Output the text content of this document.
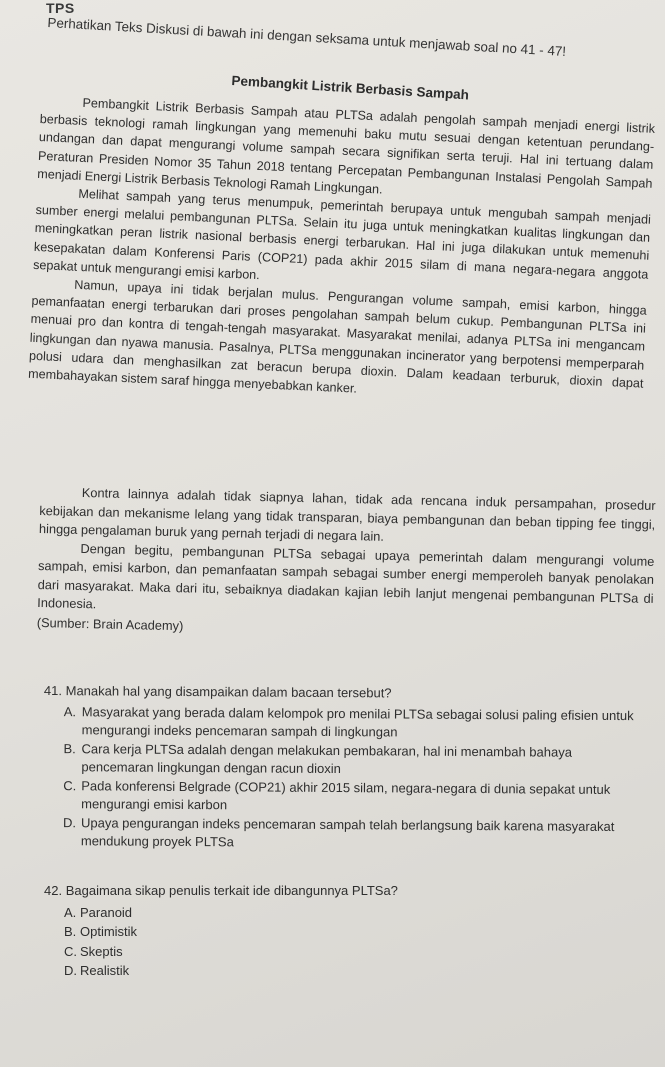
TPS
Perhatikan Teks Diskusi di bawah ini dengan seksama untuk menjawab soal no 41 - 47!
Pembangkit Listrik Berbasis Sampah

Pembangkit Listrik Berbasis Sampah atau PLTSa adalah pengolah sampah menjadi energi listrik berbasis teknologi ramah lingkungan yang memenuhi baku mutu sesuai dengan ketentuan perundang-undangan dan dapat mengurangi volume sampah secara signifikan serta teruji. Hal ini tertuang dalam Peraturan Presiden Nomor 35 Tahun 2018 tentang Percepatan Pembangunan Instalasi Pengolah Sampah menjadi Energi Listrik Berbasis Teknologi Ramah Lingkungan.

Melihat sampah yang terus menumpuk, pemerintah berupaya untuk mengubah sampah menjadi sumber energi melalui pembangunan PLTSa. Selain itu juga untuk meningkatkan kualitas lingkungan dan meningkatkan peran listrik nasional berbasis energi terbarukan. Hal ini juga dilakukan untuk memenuhi kesepakatan dalam Konferensi Paris (COP21) pada akhir 2015 silam di mana negara-negara anggota sepakat untuk mengurangi emisi karbon.

Namun, upaya ini tidak berjalan mulus. Pengurangan volume sampah, emisi karbon, hingga pemanfaatan energi terbarukan dari proses pengolahan sampah belum cukup. Pembangunan PLTSa ini menuai pro dan kontra di tengah-tengah masyarakat. Masyarakat menilai, adanya PLTSa ini mengancam lingkungan dan nyawa manusia. Pasalnya, PLTSa menggunakan incinerator yang berpotensi memperparah polusi udara dan menghasilkan zat beracun berupa dioxin. Dalam keadaan terburuk, dioxin dapat membahayakan sistem saraf hingga menyebabkan kanker.

Kontra lainnya adalah tidak siapnya lahan, tidak ada rencana induk persampahan, prosedur kebijakan dan mekanisme lelang yang tidak transparan, biaya pembangunan dan beban tipping fee tinggi, hingga pengalaman buruk yang pernah terjadi di negara lain.

Dengan begitu, pembangunan PLTSa sebagai upaya pemerintah dalam mengurangi volume sampah, emisi karbon, dan pemanfaatan sampah sebagai sumber energi memperoleh banyak penolakan dari masyarakat. Maka dari itu, sebaiknya diadakan kajian lebih lanjut mengenai pembangunan PLTSa di Indonesia.

(Sumber: Brain Academy)

41. Manakah hal yang disampaikan dalam bacaan tersebut?

A. Masyarakat yang berada dalam kelompok pro menilai PLTSa sebagai solusi paling efisien untuk mengurangi indeks pencemaran sampah di lingkungan
B. Cara kerja PLTSa adalah dengan melakukan pembakaran, hal ini menambah bahaya pencemaran lingkungan dengan racun dioxin
C. Pada konferensi Belgrade (COP21) akhir 2015 silam, negara-negara di dunia sepakat untuk mengurangi emisi karbon
D. Upaya pengurangan indeks pencemaran sampah telah berlangsung baik karena masyarakat mendukung proyek PLTSa

42. Bagaimana sikap penulis terkait ide dibangunnya PLTSa?

A. Paranoid
B. Optimistik
C. Skeptis
D. Realistik
